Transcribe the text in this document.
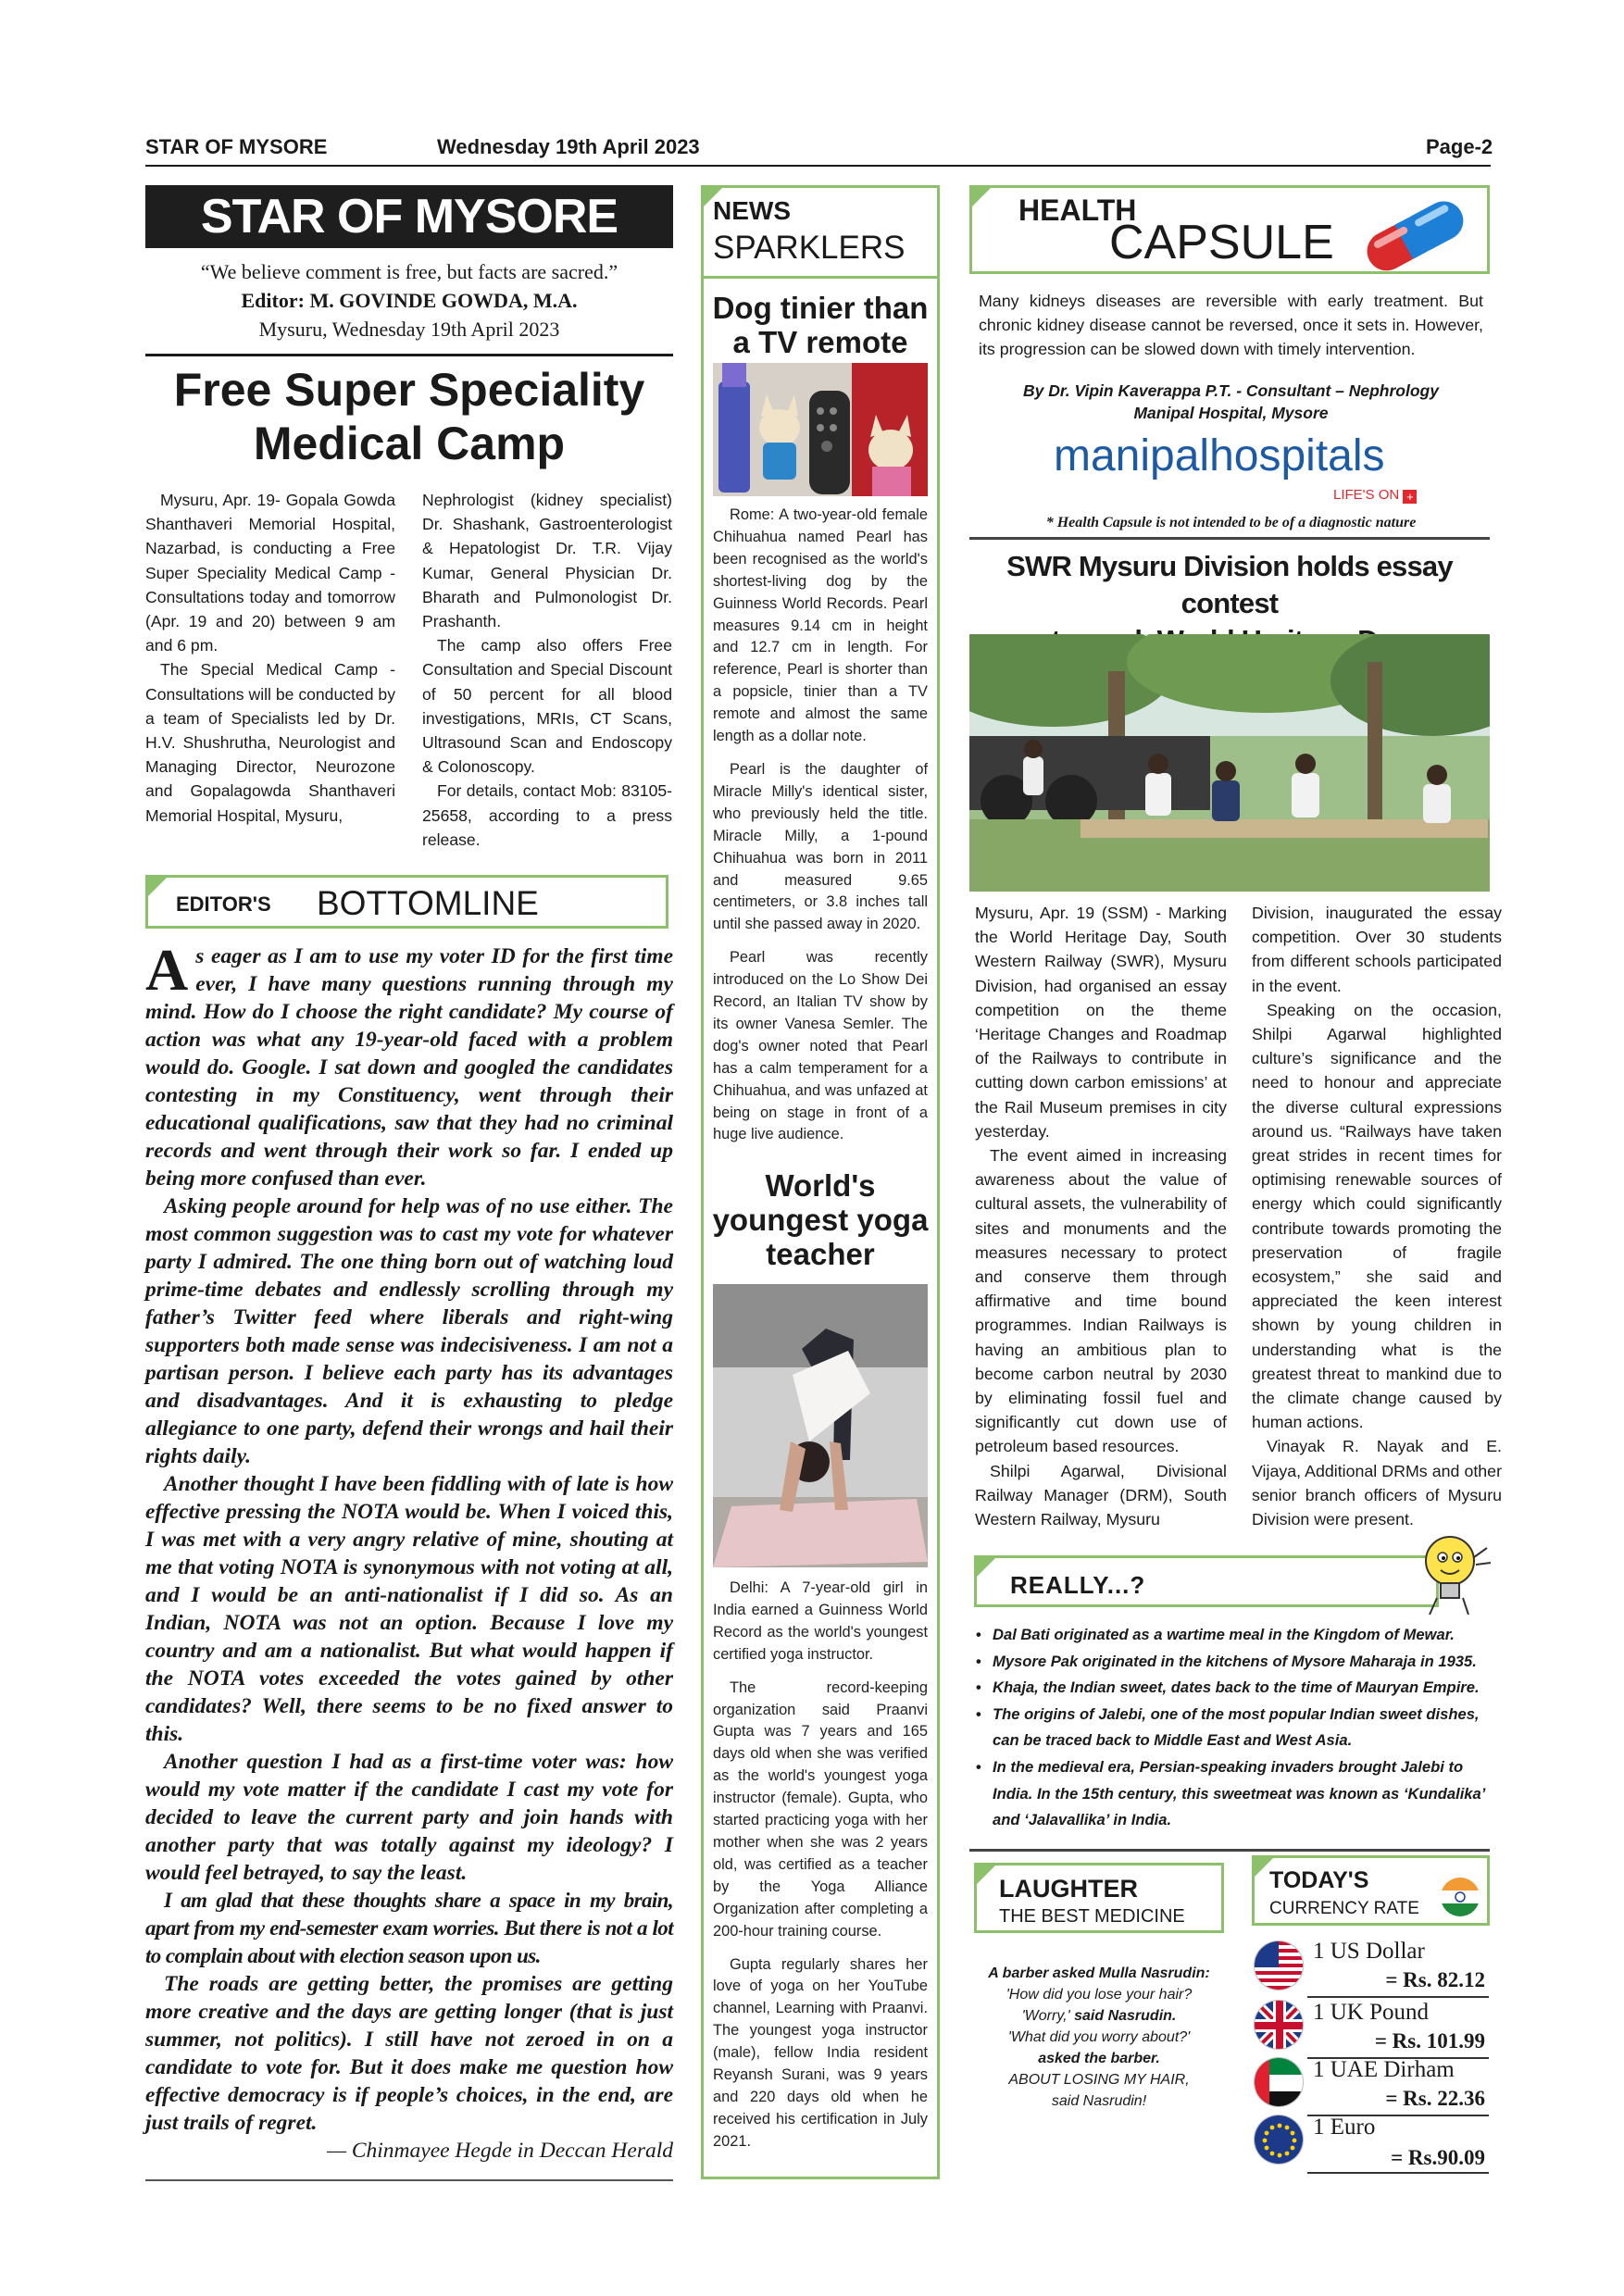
STAR OF MYSORE	Wednesday 19th April 2023	Page-2
STAR OF MYSORE
“We believe comment is free, but facts are sacred.”
Editor: M. GOVINDE GOWDA, M.A.
Mysuru, Wednesday 19th April 2023
Free Super Speciality
Medical Camp

Mysuru, Apr. 19- Gopala Gowda Shanthaveri Memorial Hospital, Nazarbad, is conducting a Free Super Speciality Medical Camp - Consultations today and tomorrow (Apr. 19 and 20) between 9 am and 6 pm.

The Special Medical Camp - Consultations will be conducted by a team of Specialists led by Dr. H.V. Shushrutha, Neurologist and Managing Director, Neurozone and Gopalagowda Shanthaveri Memorial Hospital, Mysuru,

Nephrologist (kidney specialist) Dr. Shashank, Gastroenterologist & Hepatologist Dr. T.R. Vijay Kumar, General Physician Dr. Bharath and Pulmonologist Dr. Prashanth.

The camp also offers Free Consultation and Special Discount of 50 percent for all blood investigations, MRIs, CT Scans, Ultrasound Scan and Endoscopy & Colonoscopy.

For details, contact Mob: 83105-25658, according to a press release.

EDITOR'S BOTTOMLINE
A s eager as I am to use my voter ID for the first time ever, I have many questions running through my mind. How do I choose the right candidate? My course of action was what any 19-year-old faced with a problem would do. Google. I sat down and googled the candidates contesting in my Constituency, went through their educational qualifications, saw that they had no criminal records and went through their work so far. I ended up being more confused than ever.

Asking people around for help was of no use either. The most common suggestion was to cast my vote for whatever party I admired. The one thing born out of watching loud prime-time debates and endlessly scrolling through my father’s Twitter feed where liberals and right-wing supporters both made sense was indecisiveness. I am not a partisan person. I believe each party has its advantages and disadvantages. And it is exhausting to pledge allegiance to one party, defend their wrongs and hail their rights daily.

Another thought I have been fiddling with of late is how effective pressing the NOTA would be. When I voiced this, I was met with a very angry relative of mine, shouting at me that voting NOTA is synonymous with not voting at all, and I would be an anti-nationalist if I did so. As an Indian, NOTA was not an option. Because I love my country and am a nationalist. But what would happen if the NOTA votes exceeded the votes gained by other candidates? Well, there seems to be no fixed answer to this.

Another question I had as a first-time voter was: how would my vote matter if the candidate I cast my vote for decided to leave the current party and join hands with another party that was totally against my ideology? I would feel betrayed, to say the least.

I am glad that these thoughts share a space in my brain, apart from my end-semester exam worries. But there is not a lot to complain about with election season upon us.

The roads are getting better, the promises are getting more creative and the days are getting longer (that is just summer, not politics). I still have not zeroed in on a candidate to vote for. But it does make me question how effective democracy is if people’s choices, in the end, are just trails of regret.

— Chinmayee Hegde in Deccan Herald
NEWS
SPARKLERS
Dog tinier than a TV remote

Rome: A two-year-old female Chihuahua named Pearl has been recognised as the world's shortest-living dog by the Guinness World Records. Pearl measures 9.14 cm in height and 12.7 cm in length. For reference, Pearl is shorter than a popsicle, tinier than a TV remote and almost the same length as a dollar note.

Pearl is the daughter of Miracle Milly's identical sister, who previously held the title. Miracle Milly, a 1-pound Chihuahua was born in 2011 and measured 9.65 centimeters, or 3.8 inches tall until she passed away in 2020.

Pearl was recently introduced on the Lo Show Dei Record, an Italian TV show by its owner Vanesa Semler. The dog's owner noted that Pearl has a calm temperament for a Chihuahua, and was unfazed at being on stage in front of a huge live audience.

World's youngest yoga teacher

Delhi: A 7-year-old girl in India earned a Guinness World Record as the world's youngest certified yoga instructor.

The record-keeping organization said Praanvi Gupta was 7 years and 165 days old when she was verified as the world's youngest yoga instructor (female). Gupta, who started practicing yoga with her mother when she was 2 years old, was certified as a teacher by the Yoga Alliance Organization after completing a 200-hour training course.

Gupta regularly shares her love of yoga on her YouTube channel, Learning with Praanvi. The youngest yoga instructor (male), fellow India resident Reyansh Surani, was 9 years and 220 days old when he received his certification in July 2021.

HEALTH
CAPSULE
Many kidneys diseases are reversible with early treatment. But chronic kidney disease cannot be reversed, once it sets in. However, its progression can be slowed down with timely intervention.
By Dr. Vipin Kaverappa P.T. - Consultant – Nephrology
Manipal Hospital, Mysore
manipalhospitals
LIFE'S ON +
* Health Capsule is not intended to be of a diagnostic nature
SWR Mysuru Division holds essay contest

Mysuru, Apr. 19 (SSM) - Marking the World Heritage Day, South Western Railway (SWR), Mysuru Division, had organised an essay competition on the theme ‘Heritage Changes and Roadmap of the Railways to contribute in cutting down carbon emissions’ at the Rail Museum premises in city yesterday.

The event aimed in increasing awareness about the value of cultural assets, the vulnerability of sites and monuments and the measures necessary to protect and conserve them through affirmative and time bound programmes. Indian Railways is having an ambitious plan to become carbon neutral by 2030 by eliminating fossil fuel and significantly cut down use of petroleum based resources.

Shilpi Agarwal, Divisional Railway Manager (DRM), South Western Railway, Mysuru

Division, inaugurated the essay competition. Over 30 students from different schools participated in the event.

Speaking on the occasion, Shilpi Agarwal highlighted culture’s significance and the need to honour and appreciate the diverse cultural expressions around us. “Railways have taken great strides in recent times for optimising renewable sources of energy which could significantly contribute towards promoting the preservation of fragile ecosystem,” she said and appreciated the keen interest shown by young children in understanding what is the greatest threat to mankind due to the climate change caused by human actions.

Vinayak R. Nayak and E. Vijaya, Additional DRMs and other senior branch officers of Mysuru Division were present.

REALLY...?
• Dal Bati originated as a wartime meal in the Kingdom of Mewar.
• Mysore Pak originated in the kitchens of Mysore Maharaja in 1935.
• Khaja, the Indian sweet, dates back to the time of Mauryan Empire.
• The origins of Jalebi, one of the most popular Indian sweet dishes, can be traced back to Middle East and West Asia.
• In the medieval era, Persian-speaking invaders brought Jalebi to India. In the 15th century, this sweetmeat was known as ‘Kundalika’ and ‘Jalavallika’ in India.
LAUGHTER
THE BEST MEDICINE
A barber asked Mulla Nasrudin:
'How did you lose your hair?
'Worry,' said Nasrudin.
'What did you worry about?'
asked the barber.
ABOUT LOSING MY HAIR,
said Nasrudin!
TODAY'S
CURRENCY RATE
1 US Dollar
= Rs. 82.12
1 UK Pound
= Rs. 101.99
1 UAE Dirham
= Rs. 22.36
1 Euro
= Rs.90.09
